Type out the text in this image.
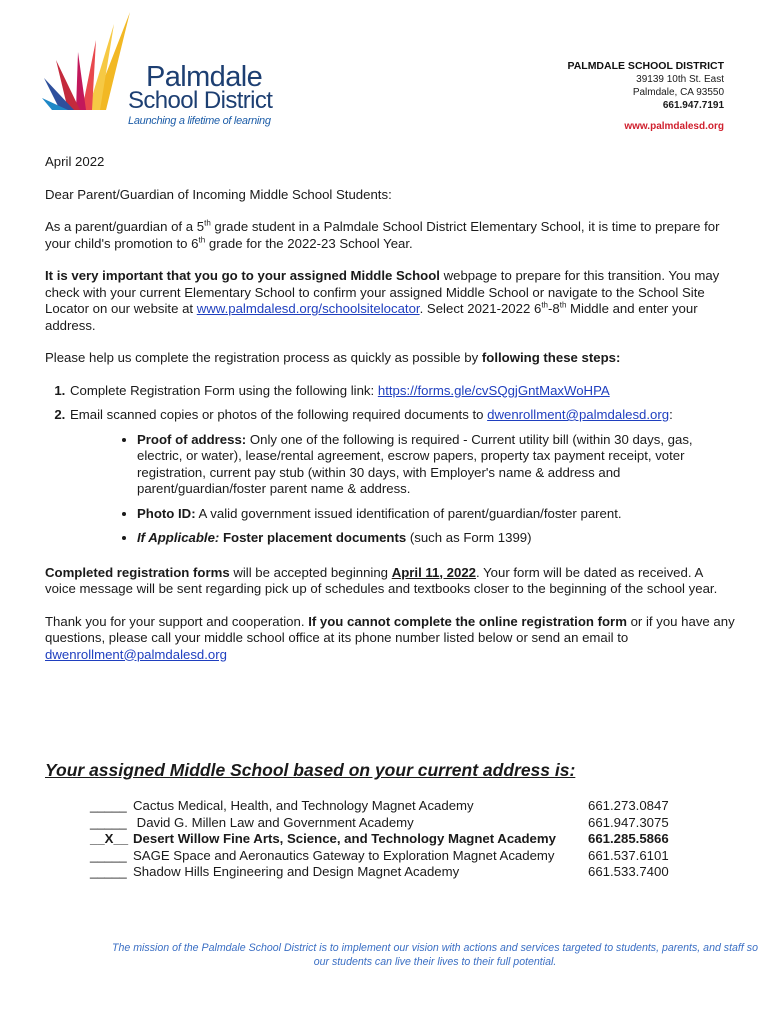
Palmdale
School District
Launching a lifetime of learning
PALMDALE SCHOOL DISTRICT
39139 10th St. East
Palmdale, CA 93550
661.947.7191
www.palmdalesd.org

April 2022

Dear Parent/Guardian of Incoming Middle School Students:

As a parent/guardian of a 5th grade student in a Palmdale School District Elementary School, it is time to prepare for your child's promotion to 6th grade for the 2022-23 School Year.

It is very important that you go to your assigned Middle School webpage to prepare for this transition. You may check with your current Elementary School to confirm your assigned Middle School or navigate to the School Site Locator on our website at www.palmdalesd.org/schoolsitelocator. Select 2021-2022 6th-8th Middle and enter your address.

Please help us complete the registration process as quickly as possible by following these steps:

1. Complete Registration Form using the following link: https://forms.gle/cvSQgjGntMaxWoHPA
2. Email scanned copies or photos of the following required documents to dwenrollment@palmdalesd.org:
• Proof of address: Only one of the following is required - Current utility bill (within 30 days, gas, electric, or water), lease/rental agreement, escrow papers, property tax payment receipt, voter registration, current pay stub (within 30 days, with Employer's name & address and parent/guardian/foster parent name & address.
• Photo ID: A valid government issued identification of parent/guardian/foster parent.
• If Applicable: Foster placement documents (such as Form 1399)

Completed registration forms will be accepted beginning April 11, 2022. Your form will be dated as received. A voice message will be sent regarding pick up of schedules and textbooks closer to the beginning of the school year.

Thank you for your support and cooperation. If you cannot complete the online registration form or if you have any questions, please call your middle school office at its phone number listed below or send an email to dwenrollment@palmdalesd.org

Your assigned Middle School based on your current address is:
_____ Cactus Medical, Health, and Technology Magnet Academy	661.273.0847
_____ David G. Millen Law and Government Academy	661.947.3075
__X__ Desert Willow Fine Arts, Science, and Technology Magnet Academy	661.285.5866
_____ SAGE Space and Aeronautics Gateway to Exploration Magnet Academy	661.537.6101
_____ Shadow Hills Engineering and Design Magnet Academy	661.533.7400
The mission of the Palmdale School District is to implement our vision with actions and services targeted to students, parents, and staff so our students can live their lives to their full potential.
